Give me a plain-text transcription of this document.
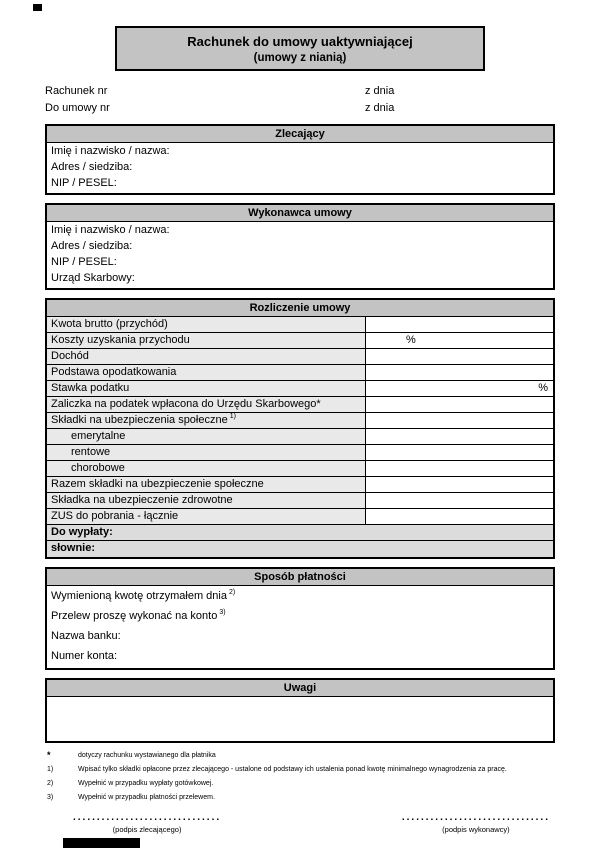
Rachunek do umowy uaktywniającej
(umowy z nianią)
Rachunek nr	z dnia
Do umowy nr	z dnia
Zlecający
Imię i nazwisko / nazwa:
Adres / siedziba:
NIP / PESEL:
Wykonawca umowy
Imię i nazwisko / nazwa:
Adres / siedziba:
NIP / PESEL:
Urząd Skarbowy:
Rozliczenie umowy
Kwota brutto (przychód)
Koszty uzyskania przychodu	%
Dochód
Podstawa opodatkowania
Stawka podatku	%
Zaliczka na podatek wpłacona do Urzędu Skarbowego*
Składki na ubezpieczenia społeczne $^{1)}$
emerytalne
rentowe
chorobowe
Razem składki na ubezpieczenie społeczne
Składka na ubezpieczenie zdrowotne
ZUS do pobrania - łącznie
Do wypłaty:
słownie:
Sposób płatności
Wymienioną kwotę otrzymałem dnia $^{2)}$
Przelew proszę wykonać na konto $^{3)}$
Nazwa banku:
Numer konta:
Uwagi
*	dotyczy rachunku wystawianego dla płatnika
1)	Wpisać tylko składki opłacone przez zlecającego - ustalone od podstawy ich ustalenia ponad kwotę minimalnego wynagrodzenia za pracę.
2)	Wypełnić w przypadku wypłaty gotówkowej.
3)	Wypełnić w przypadku płatności przelewem.
...............................
(podpis zlecającego)
...............................
(podpis wykonawcy)
